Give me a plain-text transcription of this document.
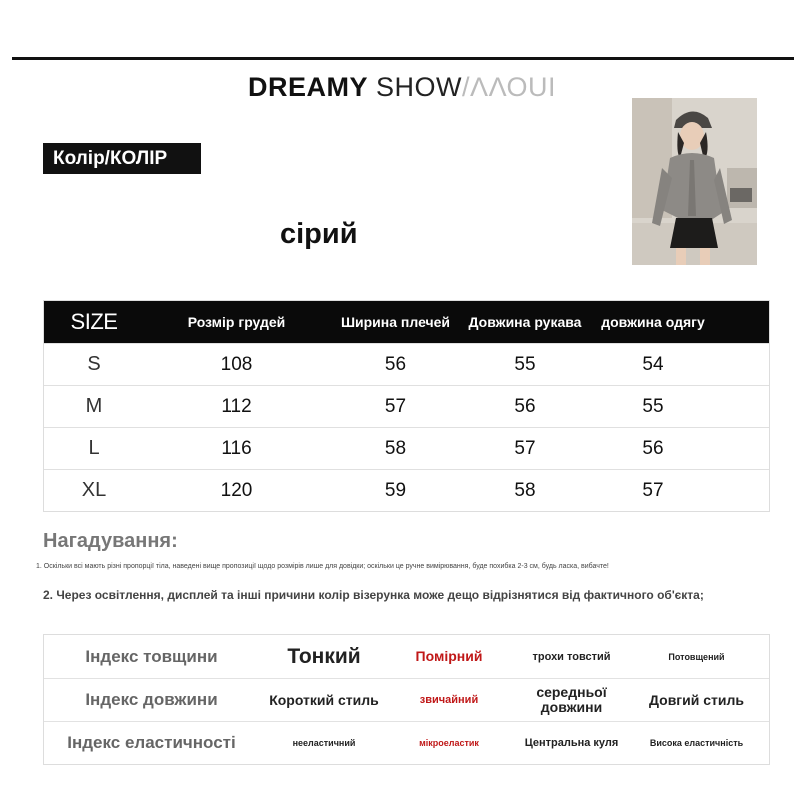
DREAMY SHOW/ΛΛΟUΙ
Колір/КОЛІР
сірий
SIZE	Розмір грудей	Ширина плечей	Довжина рукава	довжина одягу
S	108	56	55	54
M	112	57	56	55
L	116	58	57	56
XL	120	59	58	57
Нагадування:
1. Оскільки всі мають різні пропорції тіла, наведені вище пропозиції щодо розмірів лише для довідки; оскільки це ручне вимірювання, буде похибка 2-3 см, будь ласка, вибачте!
2. Через освітлення, дисплей та інші причини колір візерунка може дещо відрізнятися від фактичного об'єкта;
Індекс товщини	Тонкий	Помірний	трохи товстий	Потовщений
Індекс довжини	Короткий стиль	звичайний	середньої довжини	Довгий стиль
Індекс еластичності	нееластичний	мікроеластик	Центральна куля	Висока еластичність
